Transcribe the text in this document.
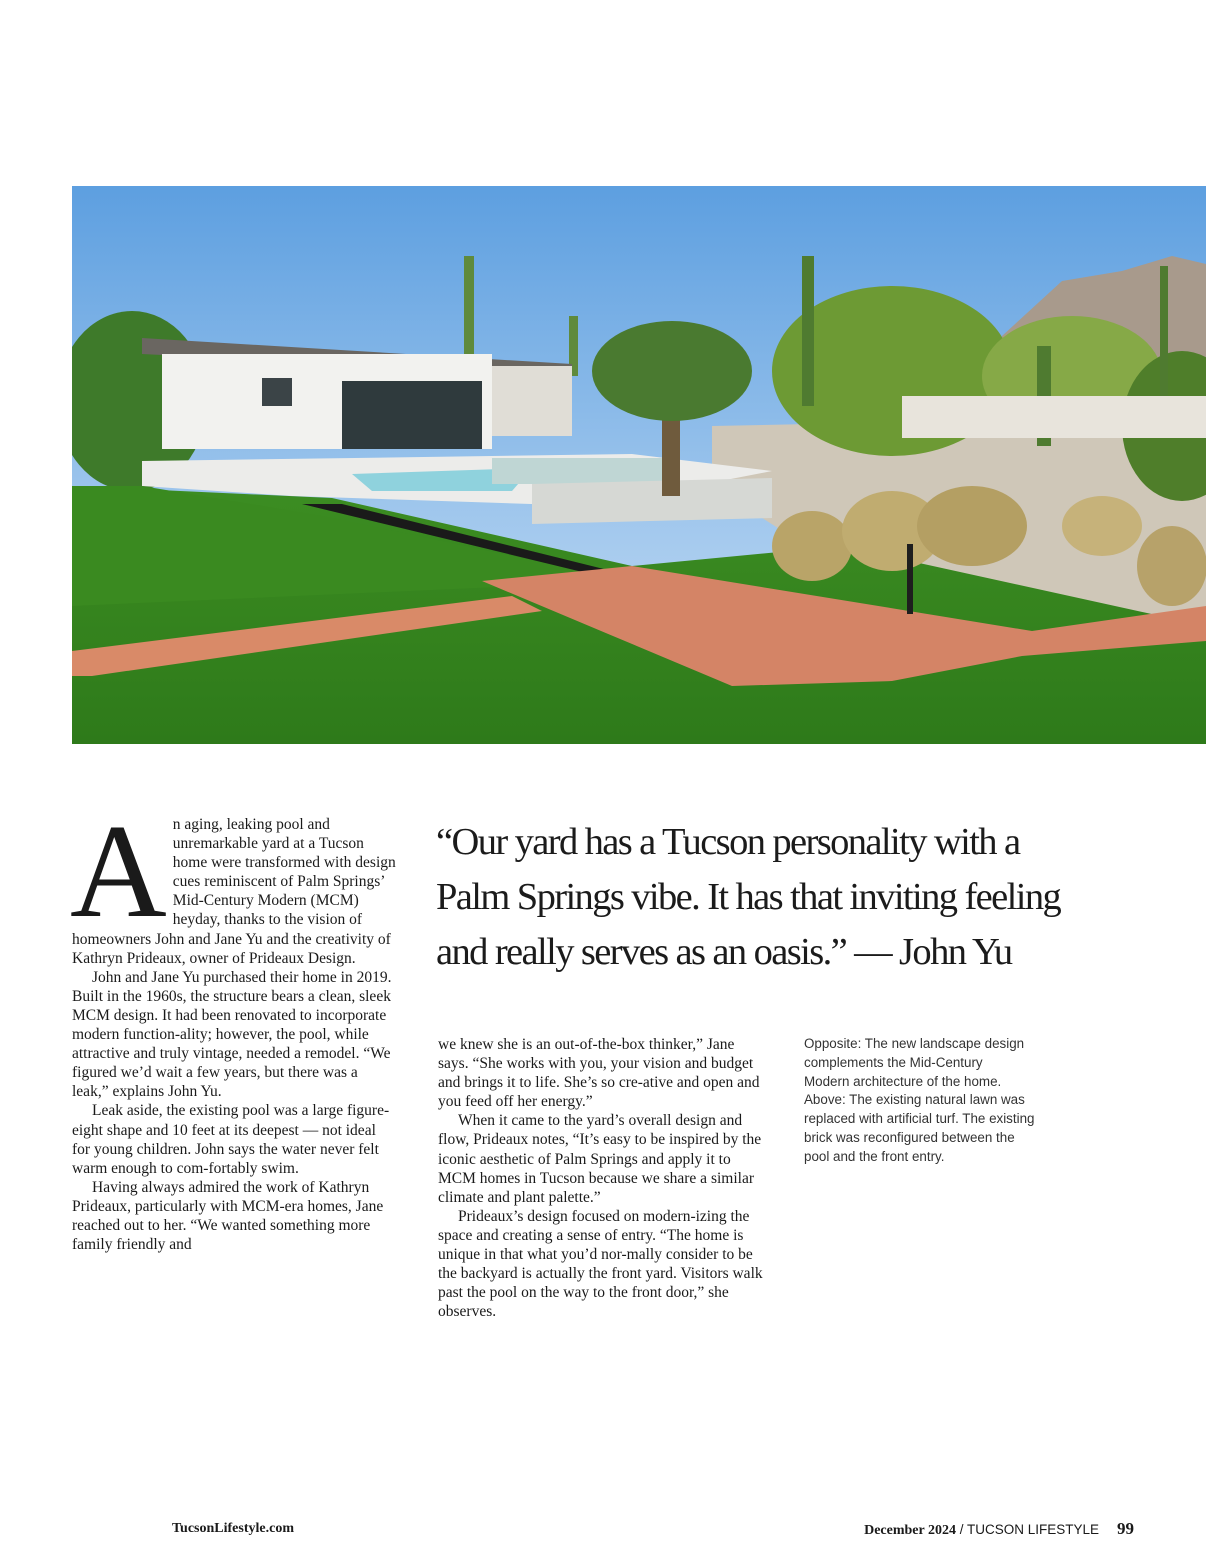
An aging, leaking pool and unremarkable yard at a Tucson home were transformed with design cues reminiscent of Palm Springs’ Mid-Century Modern (MCM) heyday, thanks to the vision of homeowners John and Jane Yu and the creativity of Kathryn Prideaux, owner of Prideaux Design.

John and Jane Yu purchased their home in 2019. Built in the 1960s, the structure bears a clean, sleek MCM design. It had been renovated to incorporate modern function-ality; however, the pool, while attractive and truly vintage, needed a remodel. “We figured we’d wait a few years, but there was a leak,” explains John Yu.

Leak aside, the existing pool was a large figure-eight shape and 10 feet at its deepest — not ideal for young children. John says the water never felt warm enough to com-fortably swim.

Having always admired the work of Kathryn Prideaux, particularly with MCM-era homes, Jane reached out to her. “We wanted something more family friendly and

“Our yard has a Tucson personality with a
Palm Springs vibe. It has that inviting feeling
and really serves as an oasis.” — John Yu

we knew she is an out-of-the-box thinker,” Jane says. “She works with you, your vision and budget and brings it to life. She’s so cre-ative and open and you feed off her energy.”

When it came to the yard’s overall design and flow, Prideaux notes, “It’s easy to be inspired by the iconic aesthetic of Palm Springs and apply it to MCM homes in Tucson because we share a similar climate and plant palette.”

Prideaux’s design focused on modern-izing the space and creating a sense of entry. “The home is unique in that what you’d nor-mally consider to be the backyard is actually the front yard. Visitors walk past the pool on the way to the front door,” she observes.

Opposite: The new landscape design
complements the Mid-Century
Modern architecture of the home.
Above: The existing natural lawn was
replaced with artificial turf. The existing
brick was reconfigured between the
pool and the front entry.
TucsonLifestyle.com	December 2024 / TUCSON LIFESTYLE 99
